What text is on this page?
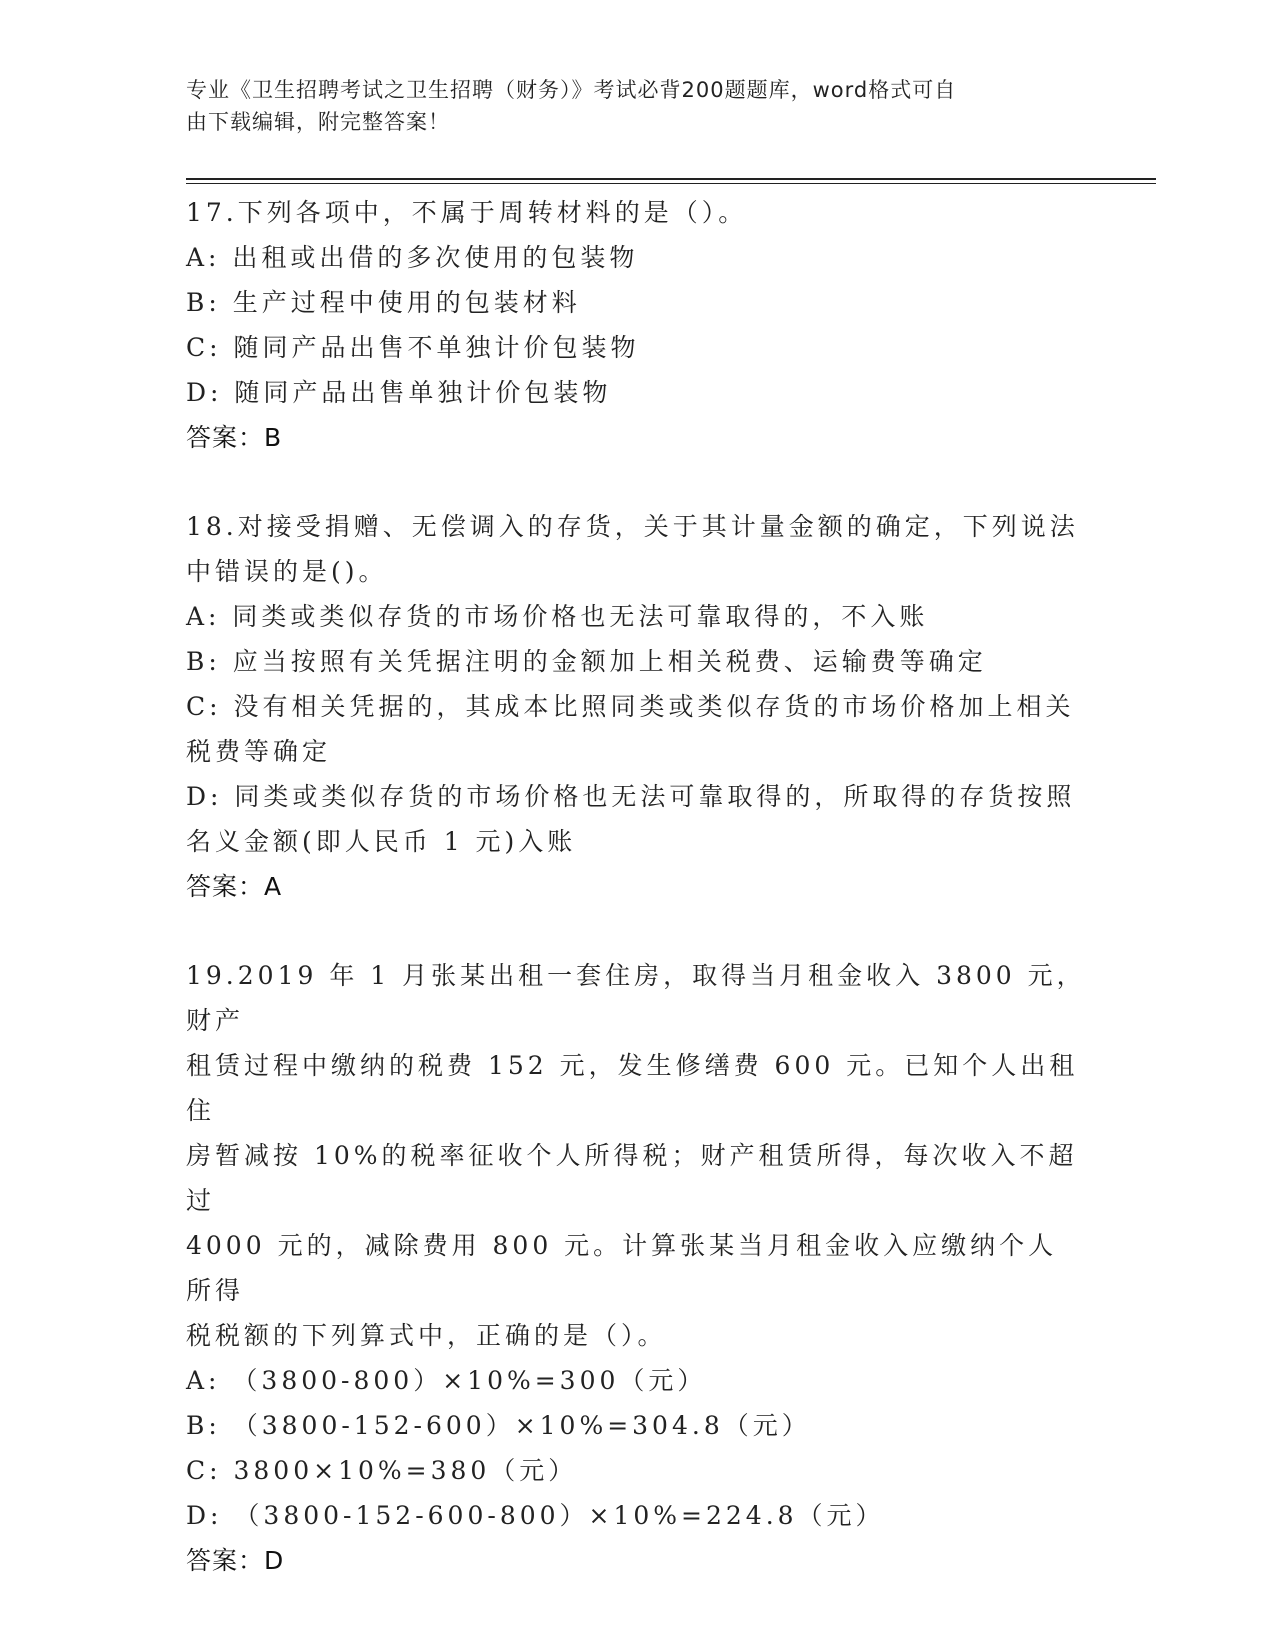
专业《卫生招聘考试之卫生招聘（财务）》考试必背200题题库，word格式可自
由下载编辑，附完整答案！
17.下列各项中，不属于周转材料的是（）。
A: 出租或出借的多次使用的包装物
B: 生产过程中使用的包装材料
C: 随同产品出售不单独计价包装物
D: 随同产品出售单独计价包装物
答案：B
18.对接受捐赠、无偿调入的存货，关于其计量金额的确定，下列说法
中错误的是()。
A: 同类或类似存货的市场价格也无法可靠取得的，不入账
B: 应当按照有关凭据注明的金额加上相关税费、运输费等确定
C: 没有相关凭据的，其成本比照同类或类似存货的市场价格加上相关
税费等确定
D: 同类或类似存货的市场价格也无法可靠取得的，所取得的存货按照
名义金额(即人民币 1 元)入账
答案：A
19.2019 年 1 月张某出租一套住房，取得当月租金收入 3800 元，财产
租赁过程中缴纳的税费 152 元，发生修缮费 600 元。已知个人出租住
房暂减按 10%的税率征收个人所得税；财产租赁所得，每次收入不超过
4000 元的，减除费用 800 元。计算张某当月租金收入应缴纳个人所得
税税额的下列算式中，正确的是（）。
A: （3800-800）×10%=300（元）
B: （3800-152-600）×10%=304.8（元）
C: 3800×10%=380（元）
D: （3800-152-600-800）×10%=224.8（元）
答案：D
